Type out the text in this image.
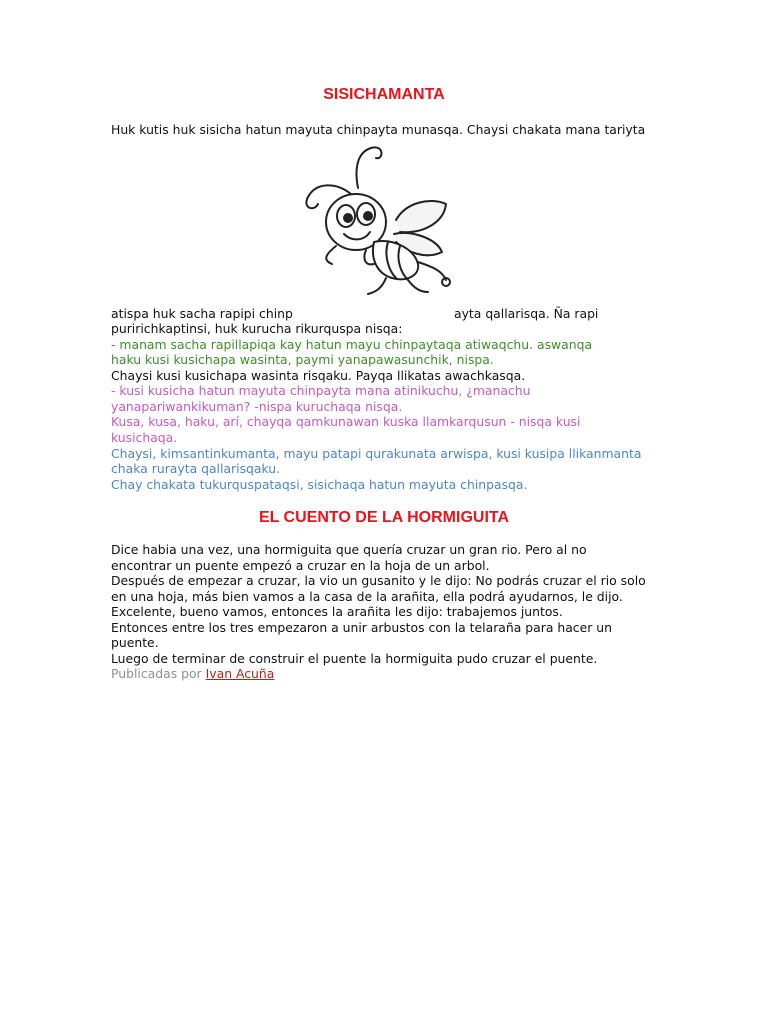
SISICHAMANTA
Huk kutis huk sisicha hatun mayuta chinpayta munasqa. Chaysi chakata mana tariyta
atispa huk sacha rapipi chinp	ayta qallarisqa. Ña rapi
puririchkaptinsi, huk kurucha rikurquspa nisqa:
- manam sacha rapillapiqa kay hatun mayu chinpaytaqa atiwaqchu. aswanqa
haku kusi kusichapa wasinta, paymi yanapawasunchik, nispa.
Chaysi kusi kusichapa wasinta risqaku. Payqa llikatas awachkasqa.
- kusi kusicha hatun mayuta chinpayta mana atinikuchu, ¿manachu
yanapariwankikuman? -nispa kuruchaqa nisqa.
Kusa, kusa, haku, arí, chayqa qamkunawan kuska llamkarqusun - nisqa kusi
kusichaqa.
Chaysi, kimsantinkumanta, mayu patapi qurakunata arwispa, kusi kusipa llikanmanta
chaka rurayta qallarisqaku.
Chay chakata tukurquspataqsi, sisichaqa hatun mayuta chinpasqa.
EL CUENTO DE LA HORMIGUITA
Dice habia una vez, una hormiguita que quería cruzar un gran rio. Pero al no
encontrar un puente empezó a cruzar en la hoja de un arbol.
Después de empezar a cruzar, la vio un gusanito y le dijo: No podrás cruzar el rio solo
en una hoja, más bien vamos a la casa de la arañita, ella podrá ayudarnos, le dijo.
Excelente, bueno vamos, entonces la arañita les dijo: trabajemos juntos.
Entonces entre los tres empezaron a unir arbustos con la telaraña para hacer un
puente.
Luego de terminar de construir el puente la hormiguita pudo cruzar el puente.
Publicadas por Ivan Acuña
